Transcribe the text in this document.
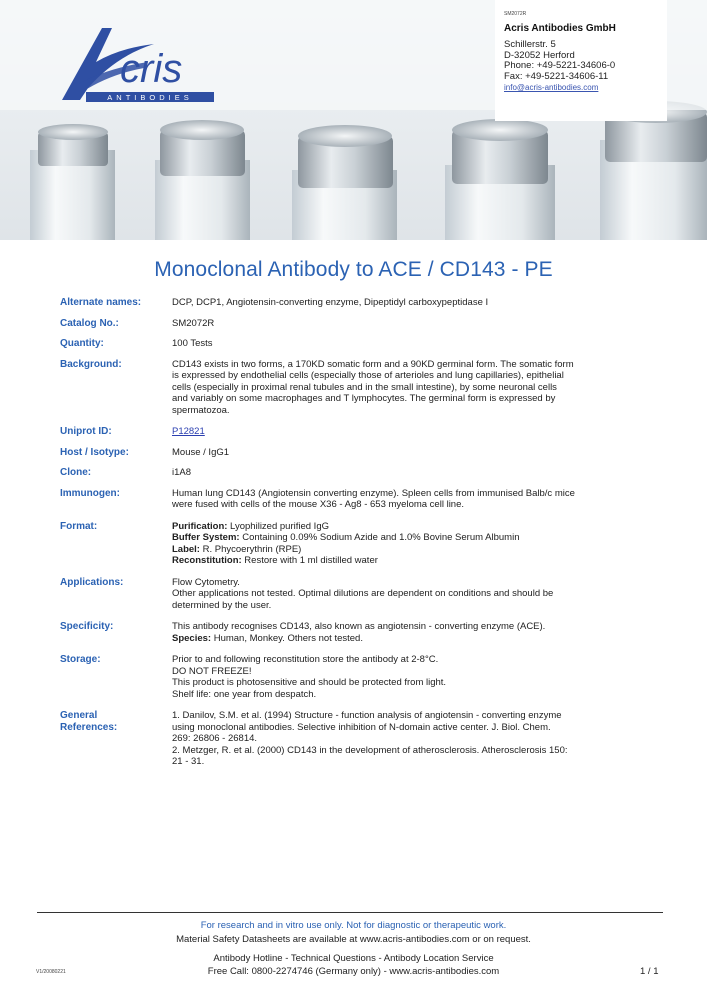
cris
ANTIBODIES
SM2072R
Acris Antibodies GmbH
Schillerstr. 5
D-32052 Herford
Phone: +49-5221-34606-0
Fax: +49-5221-34606-11
info@acris-antibodies.com
Monoclonal Antibody to ACE / CD143 - PE
Alternate names:	DCP, DCP1, Angiotensin-converting enzyme, Dipeptidyl carboxypeptidase I
Catalog No.:	SM2072R
Quantity:	100 Tests
Background:	CD143 exists in two forms, a 170KD somatic form and a 90KD germinal form. The somatic form
is expressed by endothelial cells (especially those of arterioles and lung capillaries), epithelial
cells (especially in proximal renal tubules and in the small intestine), by some neuronal cells
and variably on some macrophages and T lymphocytes. The germinal form is expressed by
spermatozoa.
Uniprot ID:	P12821
Host / Isotype:	Mouse / IgG1
Clone:	i1A8
Immunogen:	Human lung CD143 (Angiotensin converting enzyme). Spleen cells from immunised Balb/c mice
were fused with cells of the mouse X36 - Ag8 - 653 myeloma cell line.
Format:	Purification: Lyophilized purified IgG
Buffer System: Containing 0.09% Sodium Azide and 1.0% Bovine Serum Albumin
Label: R. Phycoerythrin (RPE)
Reconstitution: Restore with 1 ml distilled water
Applications:	Flow Cytometry.
Other applications not tested. Optimal dilutions are dependent on conditions and should be
determined by the user.
Specificity:	This antibody recognises CD143, also known as angiotensin - converting enzyme (ACE).
Species: Human, Monkey. Others not tested.
Storage:	Prior to and following reconstitution store the antibody at 2-8°C.
DO NOT FREEZE!
This product is photosensitive and should be protected from light.
Shelf life: one year from despatch.
General
References:
1. Danilov, S.M. et al. (1994) Structure - function analysis of angiotensin - converting enzyme
using monoclonal antibodies. Selective inhibition of N-domain active center. J. Biol. Chem.
269: 26806 - 26814.
2. Metzger, R. et al. (2000) CD143 in the development of atherosclerosis. Atherosclerosis 150:
21 - 31.
For research and in vitro use only. Not for diagnostic or therapeutic work.
Material Safety Datasheets are available at www.acris-antibodies.com or on request.
Antibody Hotline - Technical Questions - Antibody Location Service
Free Call: 0800-2274746 (Germany only) - www.acris-antibodies.com
V1/20080221	1 / 1
